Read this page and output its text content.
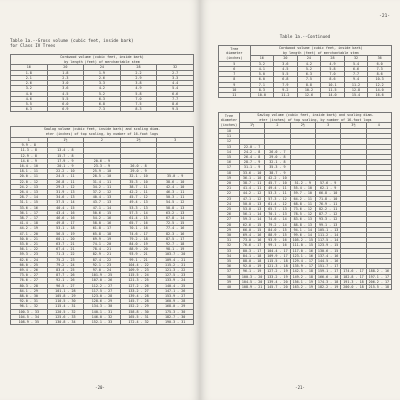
Table 1a.--Gross volume (cubic feet, inside bark)
for Class IV Trees
Cordwood volume (cubic feet, inside bark)
by length (feet) of merchantable stem				
16	20	24	28	32
1.8	1.8	1.9	2.2	2.7
2.1	2.3	2.6	2.9	3.3
2.6	3.0	3.3	3.8	4.4
3.2	3.6	4.2	4.9	5.4
4.0	4.5	5.2	5.8	6.6
4.6	5.5	6.3	7.0	7.7
5.5	6.0	6.8	7.5	8.6
6.3	6.9	7.3	8.3	9.5
Sawlog volume (cubic feet, inside bark) and scaling diam-
eter (inches) of top scaling, by number of 16-foot logs				
1	1½	2	2½	3
9.9 - 8				
11.3 - 8	13.4 - 8			
12.9 - 8	15.7 - 8			
14.6 - 9	17.9 - 9	20.6 - 9		
16.4 - 10	20.1 - 9	23.3 - 9	26.0 - 8	
18.1 - 11	22.2 - 10	25.9 - 10	29.0 - 9	
20.0 - 11	24.5 - 11	28.5 - 10	32.1 - 10	35.0 - 9
22.0 - 12	26.8 - 11	31.4 - 11	35.3 - 10	38.6 - 10
24.2 - 13	29.3 - 12	34.2 - 11	38.7 - 11	42.4 - 10
26.4 - 13	31.9 - 13	37.2 - 12	42.2 - 11	46.3 - 11
28.7 - 14	34.6 - 13	40.4 - 13	45.7 - 12	50.3 - 11
31.1 - 15	37.5 - 14	43.7 - 13	49.4 - 13	54.5 - 12
33.6 - 16	40.4 - 15	47.1 - 14	53.3 - 13	58.8 - 13
36.1 - 17	43.4 - 16	50.6 - 15	57.3 - 14	63.2 - 13
38.7 - 17	46.6 - 16	54.2 - 16	61.4 - 15	67.8 - 14
41.4 - 18	49.8 - 17	58.0 - 16	65.7 - 16	72.5 - 15
44.2 - 19	53.1 - 18	61.8 - 17	70.1 - 16	77.4 - 16
47.1 - 20	56.5 - 19	65.8 - 18	74.6 - 17	82.3 - 16
50.0 - 21	60.1 - 20	69.9 - 19	79.2 - 18	87.5 - 17
53.0 - 21	63.7 - 21	74.1 - 20	84.0 - 19	92.7 - 18
56.1 - 22	67.4 - 21	78.4 - 21	88.9 - 20	98.1 - 19
59.3 - 23	71.3 - 22	82.9 - 21	93.9 - 21	103.7 - 20
62.6 - 24	75.2 - 23	87.4 - 22	99.1 - 21	109.4 - 21
66.0 - 25	79.2 - 24	92.1 - 23	104.4 - 22	115.2 - 21
69.4 - 26	83.4 - 25	97.0 - 24	109.9 - 23	121.3 - 22
73.0 - 27	87.7 - 26	101.9 - 25	115.5 - 24	127.5 - 23
76.6 - 27	92.1 - 26	107.0 - 26	121.3 - 25	133.9 - 24
80.3 - 28	96.5 - 27	112.2 - 27	127.2 - 26	140.4 - 25
84.1 - 29	101.1 - 28	117.5 - 27	133.2 - 27	147.1 - 26
88.0 - 30	105.8 - 29	123.0 - 28	139.4 - 28	153.9 - 27
92.0 - 31	110.5 - 30	128.6 - 29	145.7 - 28	160.9 - 28
96.1 - 32	115.4 - 31	134.3 - 30	152.2 - 29	168.0 - 29
100.3 - 33	120.5 - 32	140.1 - 31	158.8 - 30	175.3 - 30
104.5 - 34	125.6 - 33	146.0 - 32	165.5 - 31	182.7 - 30
108.9 - 35	130.8 - 34	152.1 - 33	172.4 - 32	190.3 - 31
-20-
-21-
Table 1a.--Continued
Tree
diameter
(inches)	Cordwood volume (cubic feet, inside bark)
by length (feet) of merchantable stem					
	16	20	24	28	32	36
5	3.2	3.6	4.2	4.9	5.4	6.0
6	4.1	4.5	5.2	5.8	6.6	7.3
7	5.0	5.5	6.3	7.0	7.7	8.6
8	6.0	6.8	7.5	8.6	9.4	10.3
9	7.1	7.9	8.8	10.1	11.2	12.2
10	8.3	9.2	10.2	11.5	12.8	14.0
11	10.0	11.2	12.6	14.0	15.4	16.6
Tree
diameter
(inches)	Sawlog volume (cubic feet, inside bark) and scaling diam-
eter (inches) of top scaling, by number of 16-foot logs					
	1½	2	2½	3	3½	4
10						
11						
12						
13	22.0 - 7					
14	24.2 - 8	26.0 - 7				
15	26.4 - 8	29.0 - 8				
16	28.7 - 9	32.1 - 8				
17	31.1 - 9	35.3 - 9				
18	33.6 - 10	38.7 - 9				
19	36.1 - 10	42.2 - 10				
20	38.7 - 11	45.7 - 10	51.2 - 9	57.6 - 9		
21	41.4 - 11	49.4 - 11	55.4 - 10	62.1 - 9		
22	44.2 - 12	53.3 - 11	59.7 - 10	66.8 - 10		
23	47.1 - 12	57.3 - 12	64.2 - 11	71.8 - 10		
24	50.0 - 13	61.4 - 12	68.8 - 11	76.9 - 11		
25	53.0 - 13	65.7 - 13	73.6 - 12	82.2 - 11		
26	56.1 - 14	70.1 - 13	78.5 - 12	87.7 - 12		
27	59.3 - 14	74.6 - 14	83.6 - 13	93.3 - 12		
28	62.6 - 15	79.2 - 14	88.8 - 13	99.1 - 13		
29	66.0 - 15	84.0 - 15	94.1 - 14	105.1 - 13		
30	69.4 - 16	88.9 - 15	99.6 - 14	111.2 - 14		
31	73.0 - 16	93.9 - 16	105.2 - 15	117.5 - 14		
32	76.6 - 17	99.1 - 16	111.0 - 15	123.9 - 15		
33	80.3 - 17	104.4 - 17	117.0 - 16	130.6 - 15		
34	84.1 - 18	109.9 - 17	123.1 - 16	137.4 - 16		
35	88.0 - 18	115.5 - 18	129.4 - 17	144.5 - 16		
36	92.0 - 19	121.3 - 18	135.9 - 17	151.7 - 17		
37	96.1 - 19	127.2 - 19	142.5 - 18	159.1 - 17	174.6 - 17	188.2 - 16
38	100.3 - 20	133.2 - 19	149.2 - 18	166.6 - 18	182.8 - 17	197.1 - 17
39	104.5 - 20	139.4 - 20	156.1 - 19	174.3 - 18	191.3 - 18	206.2 - 17
40	108.9 - 21	145.7 - 20	163.2 - 19	182.2 - 19	200.0 - 18	215.5 - 18
-21-
